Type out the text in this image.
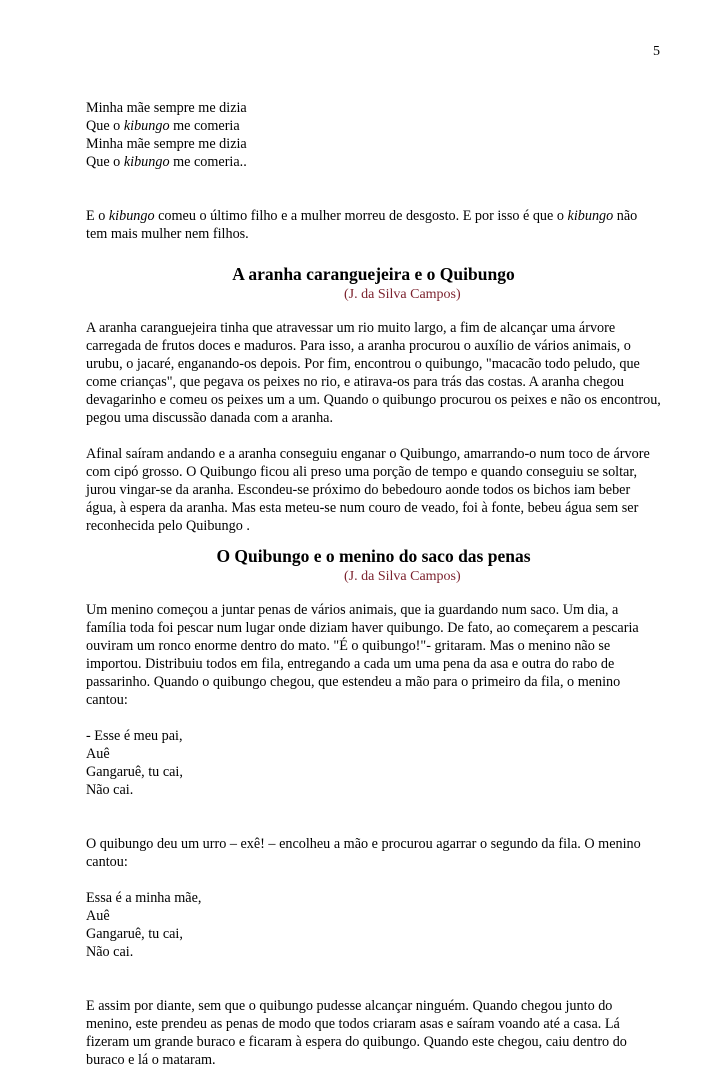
5

Minha mãe sempre me dizia
Que o kibungo me comeria
Minha mãe sempre me dizia
Que o kibungo me comeria..

E o kibungo comeu o último filho e a mulher morreu de desgosto. E por isso é que o kibungo não tem mais mulher nem filhos.

A aranha caranguejeira e o Quibungo
(J. da Silva Campos)

A aranha caranguejeira tinha que atravessar um rio muito largo, a fim de alcançar uma árvore carregada de frutos doces e maduros. Para isso, a aranha procurou o auxílio de vários animais, o urubu, o jacaré, enganando-os depois. Por fim, encontrou o quibungo, "macacão todo peludo, que come crianças", que pegava os peixes no rio, e atirava-os para trás das costas. A aranha chegou devagarinho e comeu os peixes um a um. Quando o quibungo procurou os peixes e não os encontrou, pegou uma discussão danada com a aranha.

Afinal saíram andando e a aranha conseguiu enganar o Quibungo, amarrando-o num toco de árvore com cipó grosso. O Quibungo ficou ali preso uma porção de tempo e quando conseguiu se soltar, jurou vingar-se da aranha. Escondeu-se próximo do bebedouro aonde todos os bichos iam beber água, à espera da aranha. Mas esta meteu-se num couro de veado, foi à fonte, bebeu água sem ser reconhecida pelo Quibungo .

O Quibungo e o menino do saco das penas
(J. da Silva Campos)

Um menino começou a juntar penas de vários animais, que ia guardando num saco. Um dia, a família toda foi pescar num lugar onde diziam haver quibungo. De fato, ao começarem a pescaria ouviram um ronco enorme dentro do mato. "É o quibungo!"- gritaram. Mas o menino não se importou. Distribuiu todos em fila, entregando a cada um uma pena da asa e outra do rabo de passarinho. Quando o quibungo chegou, que estendeu a mão para o primeiro da fila, o menino cantou:

- Esse é meu pai,
Auê
Gangaruê, tu cai,
Não cai.

O quibungo deu um urro – exê! – encolheu a mão e procurou agarrar o segundo da fila. O menino cantou:

Essa é a minha mãe,
Auê
Gangaruê, tu cai,
Não cai.

E assim por diante, sem que o quibungo pudesse alcançar ninguém. Quando chegou junto do menino, este prendeu as penas de modo que todos criaram asas e saíram voando até a casa. Lá fizeram um grande buraco e ficaram à espera do quibungo. Quando este chegou, caiu dentro do buraco e lá o mataram.
